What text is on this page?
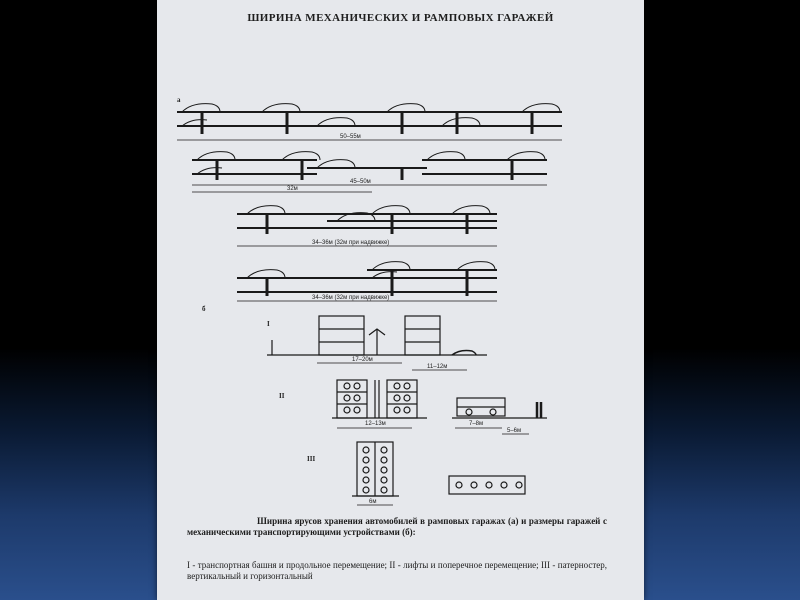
ШИРИНА МЕХАНИЧЕСКИХ И РАМПОВЫХ ГАРАЖЕЙ
а
50–55м
45–50м
32м
34–36м (32м при надвижке)
34–36м (32м при надвижке)
б
I
17–20м
11–12м
II
12–13м	7–8м
5–6м
III
6м
Ширина ярусов хранения автомобилей в рамповых гаражах (а) и размеры гаражей с механическими транспортирующими устройствами (б):
I - транспортная башня и продольное перемещение; II - лифты и поперечное перемещение; III - патерностер, вертикальный и горизонтальный
